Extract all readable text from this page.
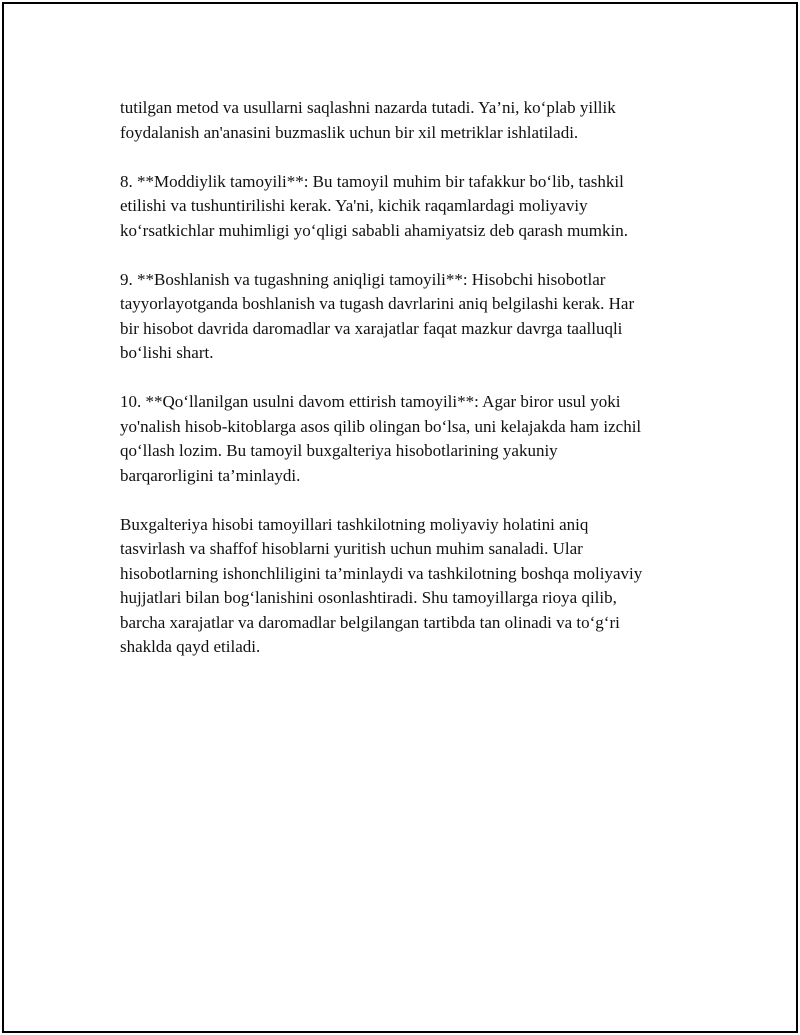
tutilgan metod va usullarni saqlashni nazarda tutadi. Ya’ni, ko‘plab yillik
foydalanish an'anasini buzmaslik uchun bir xil metriklar ishlatiladi.

8. **Moddiylik tamoyili**: Bu tamoyil muhim bir tafakkur bo‘lib, tashkil
etilishi va tushuntirilishi kerak. Ya'ni, kichik raqamlardagi moliyaviy
ko‘rsatkichlar muhimligi yo‘qligi sababli ahamiyatsiz deb qarash mumkin.

9. **Boshlanish va tugashning aniqligi tamoyili**: Hisobchi hisobotlar
tayyorlayotganda boshlanish va tugash davrlarini aniq belgilashi kerak. Har
bir hisobot davrida daromadlar va xarajatlar faqat mazkur davrga taalluqli
bo‘lishi shart.

10. **Qo‘llanilgan usulni davom ettirish tamoyili**: Agar biror usul yoki
yo'nalish hisob-kitoblarga asos qilib olingan bo‘lsa, uni kelajakda ham izchil
qo‘llash lozim. Bu tamoyil buxgalteriya hisobotlarining yakuniy
barqarorligini ta’minlaydi.

Buxgalteriya hisobi tamoyillari tashkilotning moliyaviy holatini aniq
tasvirlash va shaffof hisoblarni yuritish uchun muhim sanaladi. Ular
hisobotlarning ishonchliligini ta’minlaydi va tashkilotning boshqa moliyaviy
hujjatlari bilan bog‘lanishini osonlashtiradi. Shu tamoyillarga rioya qilib,
barcha xarajatlar va daromadlar belgilangan tartibda tan olinadi va to‘g‘ri
shaklda qayd etiladi.
